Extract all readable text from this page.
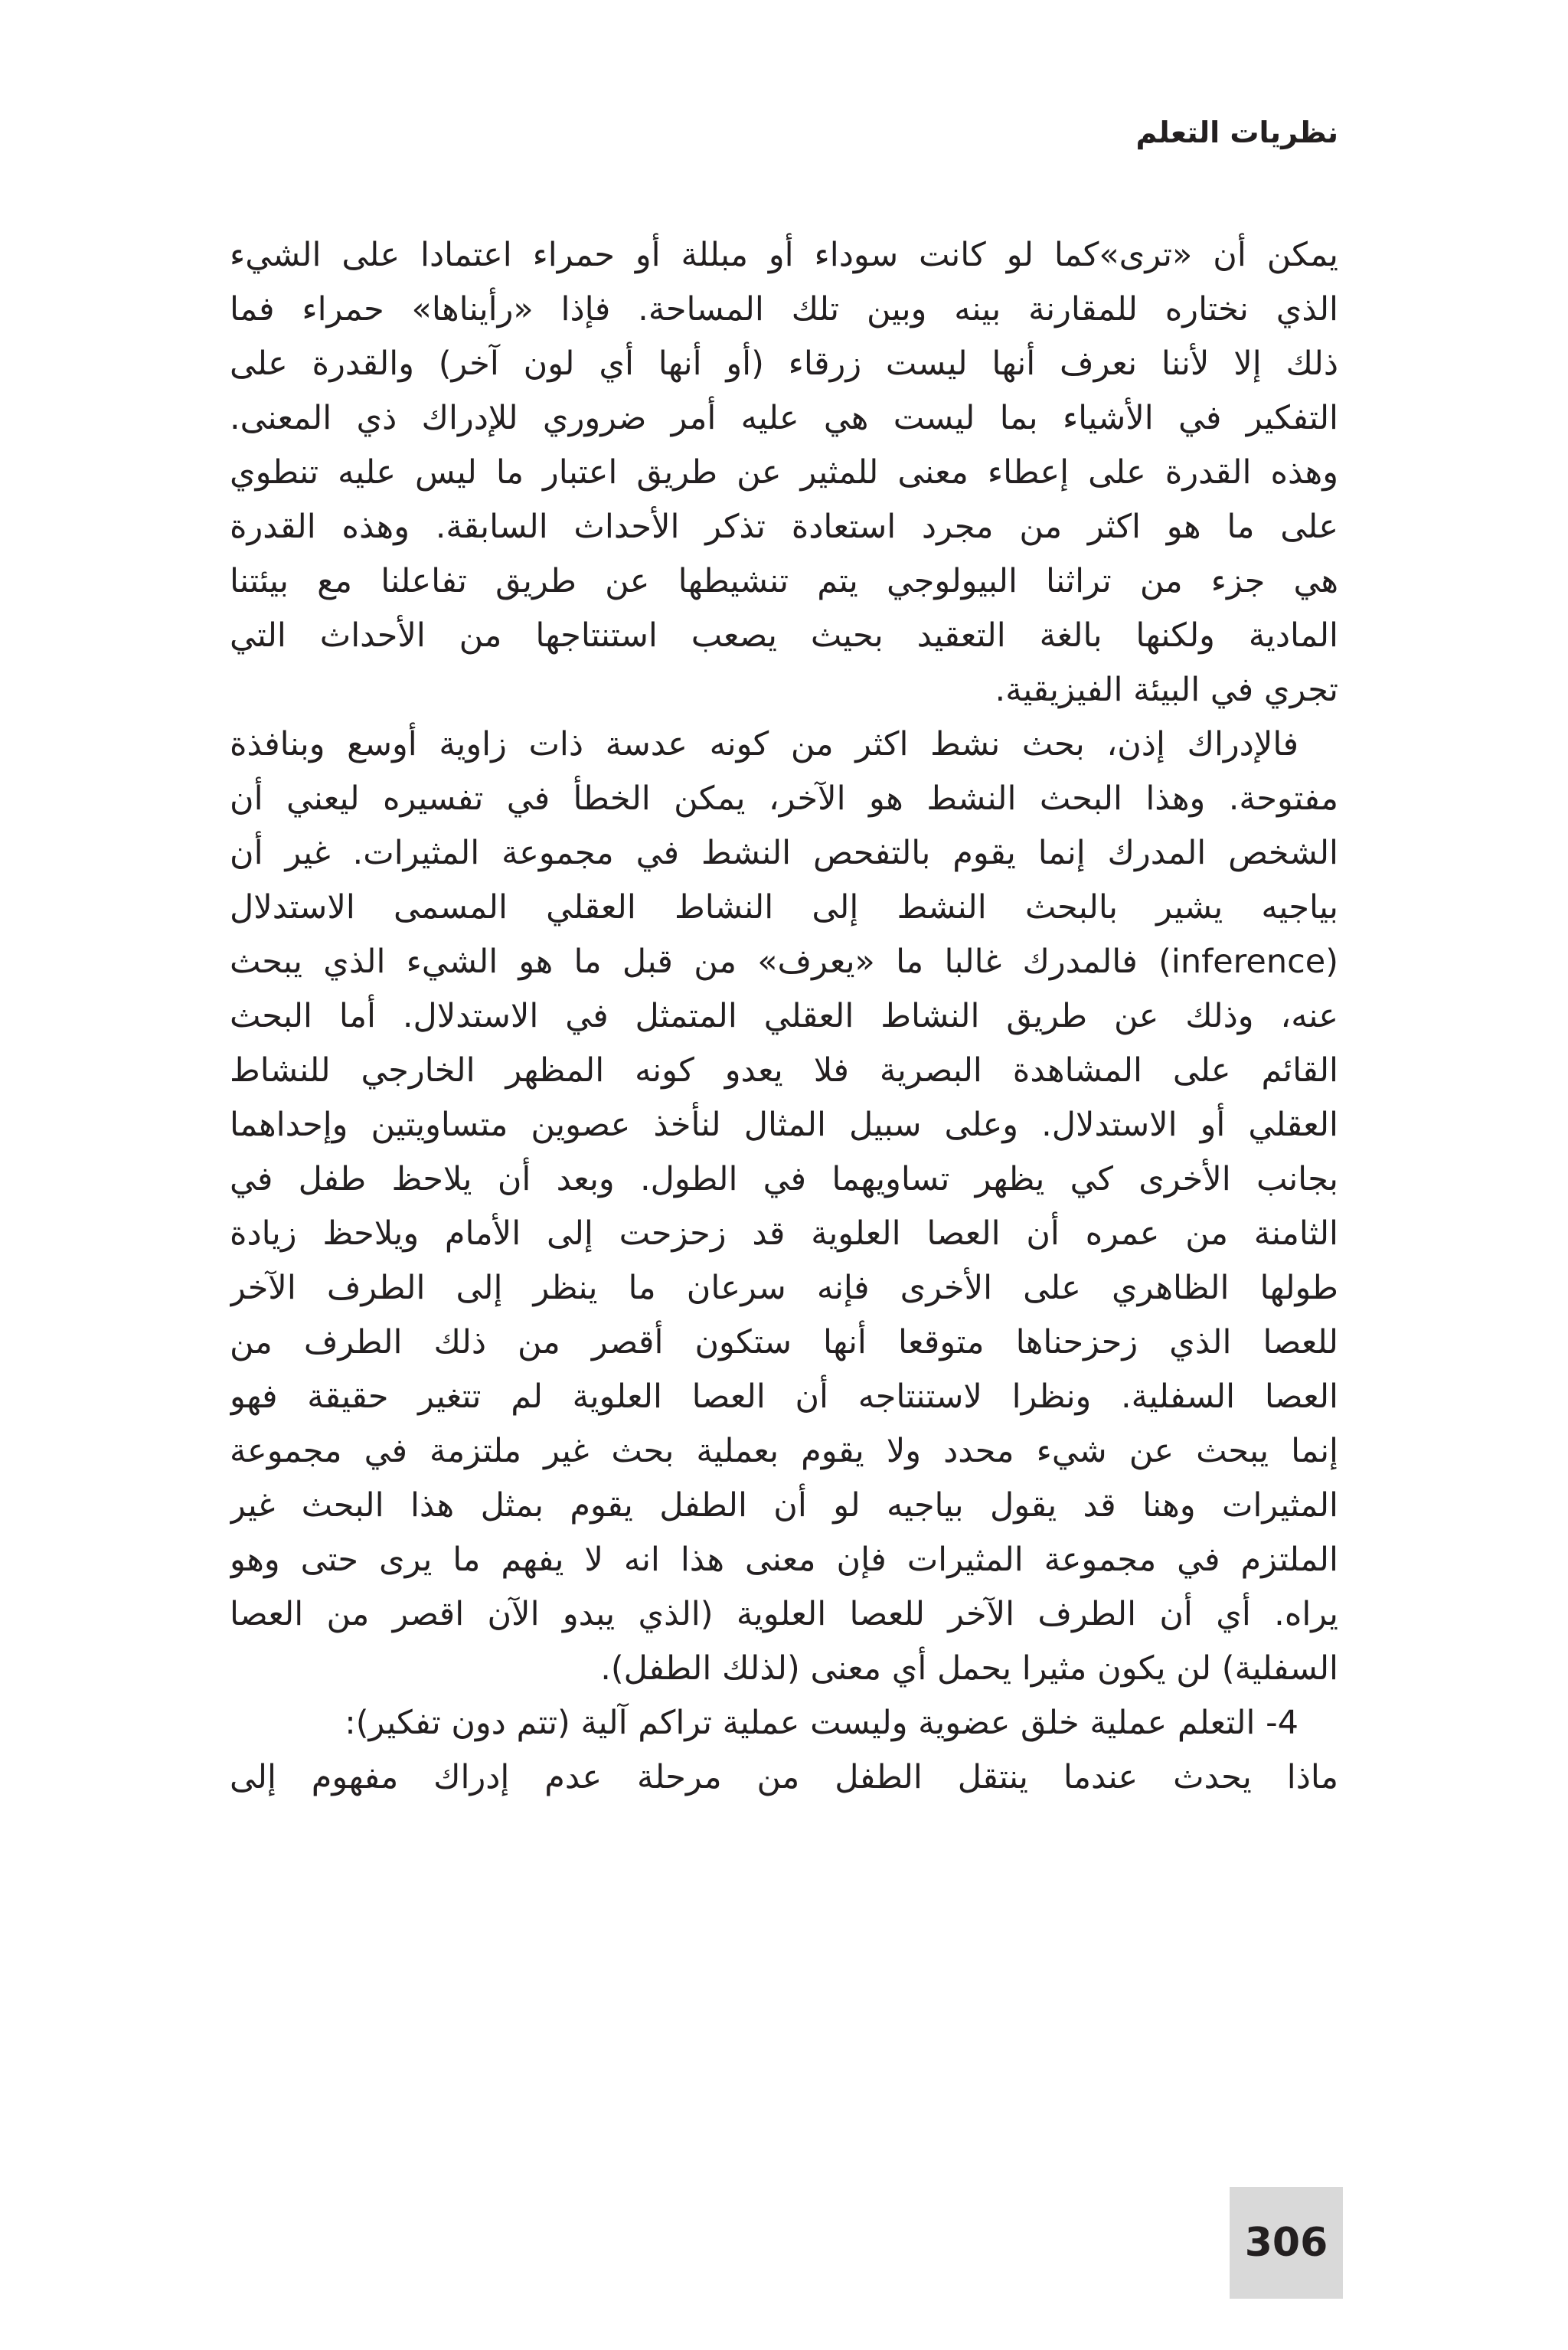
نظريات التعلم

يمكن أن «ترى»كما لو كانت سوداء أو مبللة أو حمراء اعتمادا على الشيء
الذي نختاره للمقارنة بينه وبين تلك المساحة. فإذا «رأيناها» حمراء فما
ذلك إلا لأننا نعرف أنها ليست زرقاء (أو أنها أي لون آخر) والقدرة على
التفكير في الأشياء بما ليست هي عليه أمر ضروري للإدراك ذي المعنى.
وهذه القدرة على إعطاء معنى للمثير عن طريق اعتبار ما ليس عليه تنطوي
على ما هو اكثر من مجرد استعادة تذكر الأحداث السابقة. وهذه القدرة
هي جزء من تراثنا البيولوجي يتم تنشيطها عن طريق تفاعلنا مع بيئتنا
المادية ولكنها بالغة التعقيد بحيث يصعب استنتاجها من الأحداث التي
تجري في البيئة الفيزيقية.

فالإدراك إذن، بحث نشط اكثر من كونه عدسة ذات زاوية أوسع وبنافذة
مفتوحة. وهذا البحث النشط هو الآخر، يمكن الخطأ في تفسيره ليعني أن
الشخص المدرك إنما يقوم بالتفحص النشط في مجموعة المثيرات. غير أن
بياجيه يشير بالبحث النشط إلى النشاط العقلي المسمى الاستدلال
(inference) فالمدرك غالبا ما «يعرف» من قبل ما هو الشيء الذي يبحث
عنه، وذلك عن طريق النشاط العقلي المتمثل في الاستدلال. أما البحث
القائم على المشاهدة البصرية فلا يعدو كونه المظهر الخارجي للنشاط
العقلي أو الاستدلال. وعلى سبيل المثال لنأخذ عصوين متساويتين وإحداهما
بجانب الأخرى كي يظهر تساويهما في الطول. وبعد أن يلاحظ طفل في
الثامنة من عمره أن العصا العلوية قد زحزحت إلى الأمام ويلاحظ زيادة
طولها الظاهري على الأخرى فإنه سرعان ما ينظر إلى الطرف الآخر
للعصا الذي زحزحناها متوقعا أنها ستكون أقصر من ذلك الطرف من
العصا السفلية. ونظرا لاستنتاجه أن العصا العلوية لم تتغير حقيقة فهو
إنما يبحث عن شيء محدد ولا يقوم بعملية بحث غير ملتزمة في مجموعة
المثيرات وهنا قد يقول بياجيه لو أن الطفل يقوم بمثل هذا البحث غير
الملتزم في مجموعة المثيرات فإن معنى هذا انه لا يفهم ما يرى حتى وهو
يراه. أي أن الطرف الآخر للعصا العلوية (الذي يبدو الآن اقصر من العصا
السفلية) لن يكون مثيرا يحمل أي معنى (لذلك الطفل).

4- التعلم عملية خلق عضوية وليست عملية تراكم آلية (تتم دون تفكير):

ماذا يحدث عندما ينتقل الطفل من مرحلة عدم إدراك مفهوم إلى

306
